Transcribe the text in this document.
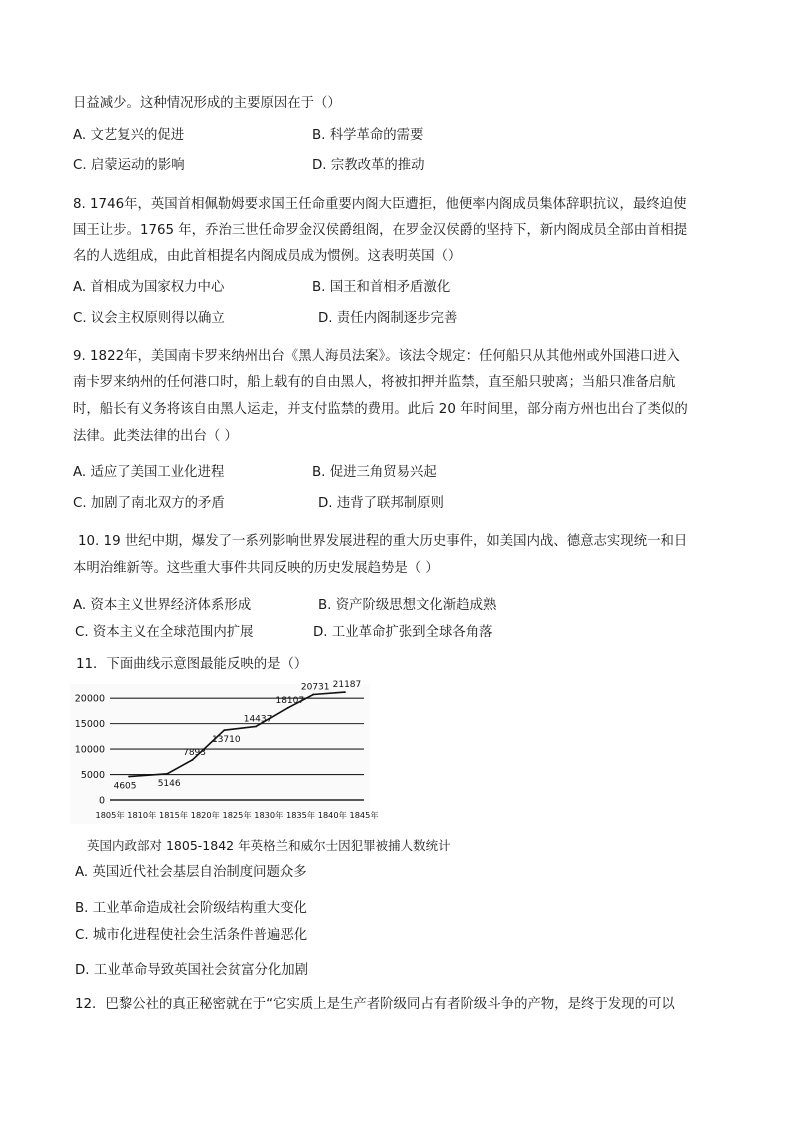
日益减少。这种情况形成的主要原因在于（）
A. 文艺复兴的促进	B. 科学革命的需要
C. 启蒙运动的影响	D. 宗教改革的推动
8. 1746年，英国首相佩勒姆要求国王任命重要内阁大臣遭拒，他便率内阁成员集体辞职抗议，最终迫使
国王让步。1765 年，乔治三世任命罗金汉侯爵组阁，在罗金汉侯爵的坚持下，新内阁成员全部由首相提
名的人选组成，由此首相提名内阁成员成为惯例。这表明英国（）
A. 首相成为国家权力中心	B. 国王和首相矛盾激化
C. 议会主权原则得以确立	D. 责任内阁制逐步完善
9. 1822年，美国南卡罗来纳州出台《黑人海员法案》。该法令规定：任何船只从其他州或外国港口进入
南卡罗来纳州的任何港口时，船上载有的自由黑人，将被扣押并监禁，直至船只驶离；当船只准备启航
时，船长有义务将该自由黑人运走，并支付监禁的费用。此后 20 年时间里，部分南方州也出台了类似的
法律。此类法律的出台（ ）
A. 适应了美国工业化进程	B. 促进三角贸易兴起
C. 加剧了南北双方的矛盾	D. 违背了联邦制原则
10. 19 世纪中期，爆发了一系列影响世界发展进程的重大历史事件，如美国内战、德意志实现统一和日
本明治维新等。这些重大事件共同反映的历史发展趋势是（ ）
A. 资本主义世界经济体系形成	B. 资产阶级思想文化渐趋成熟
C. 资本主义在全球范围内扩展	D. 工业革命扩张到全球各角落
11．下面曲线示意图最能反映的是（）
0
5000
10000
15000
20000
1805年 1810年 1815年 1820年 1825年 1830年 1835年 1840年 1845年
4605 5146
7893
13710
14437
18107
20731 21187
英国内政部对 1805-1842 年英格兰和威尔士因犯罪被捕人数统计
A. 英国近代社会基层自治制度问题众多
B. 工业革命造成社会阶级结构重大变化
C. 城市化进程使社会生活条件普遍恶化
D. 工业革命导致英国社会贫富分化加剧
12．巴黎公社的真正秘密就在于“它实质上是生产者阶级同占有者阶级斗争的产物，是终于发现的可以
